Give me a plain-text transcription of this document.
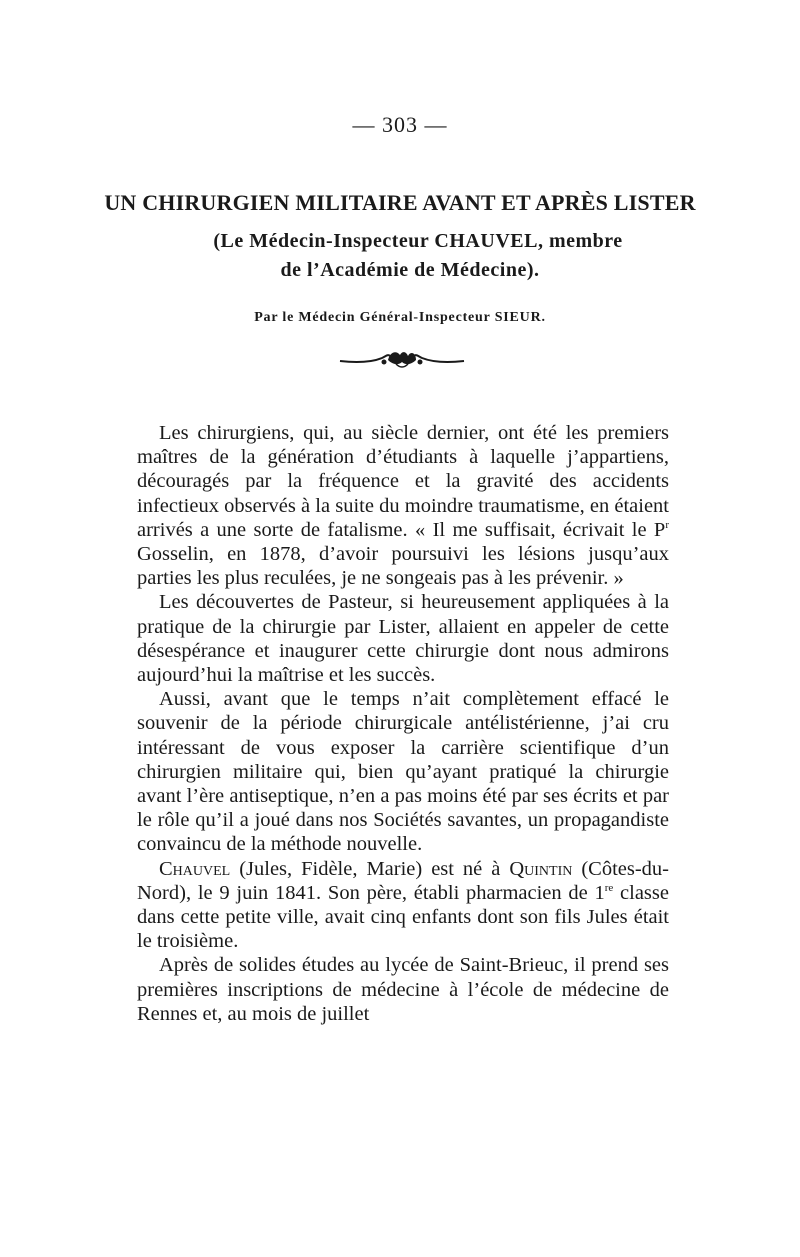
— 303 —
UN CHIRURGIEN MILITAIRE AVANT ET APRÈS LISTER
(Le Médecin-Inspecteur CHAUVEL, membre
de l’Académie de Médecine).
Par le Médecin Général-Inspecteur SIEUR.

Les chirurgiens, qui, au siècle dernier, ont été les premiers maîtres de la génération d’étudiants à laquelle j’appartiens, découragés par la fréquence et la gravité des accidents infectieux observés à la suite du moindre traumatisme, en étaient arrivés a une sorte de fatalisme. « Il me suffisait, écrivait le $P^r$ Gosselin, en 1878, d’avoir poursuivi les lésions jusqu’aux parties les plus reculées, je ne songeais pas à les prévenir. »

Les découvertes de Pasteur, si heureusement appliquées à la pratique de la chirurgie par Lister, allaient en appeler de cette désespérance et inaugurer cette chirurgie dont nous admirons aujourd’hui la maîtrise et les succès.

Aussi, avant que le temps n’ait complètement effacé le souvenir de la période chirurgicale antélistérienne, j’ai cru intéressant de vous exposer la carrière scientifique d’un chirurgien militaire qui, bien qu’ayant pratiqué la chirurgie avant l’ère antiseptique, n’en a pas moins été par ses écrits et par le rôle qu’il a joué dans nos Sociétés savantes, un propagandiste convaincu de la méthode nouvelle.

Chauvel (Jules, Fidèle, Marie) est né à Quintin (Côtes-du-Nord), le 9 juin 1841. Son père, établi pharmacien de 1re classe dans cette petite ville, avait cinq enfants dont son fils Jules était le troisième.

Après de solides études au lycée de Saint-Brieuc, il prend ses premières inscriptions de médecine à l’école de médecine de Rennes et, au mois de juillet
